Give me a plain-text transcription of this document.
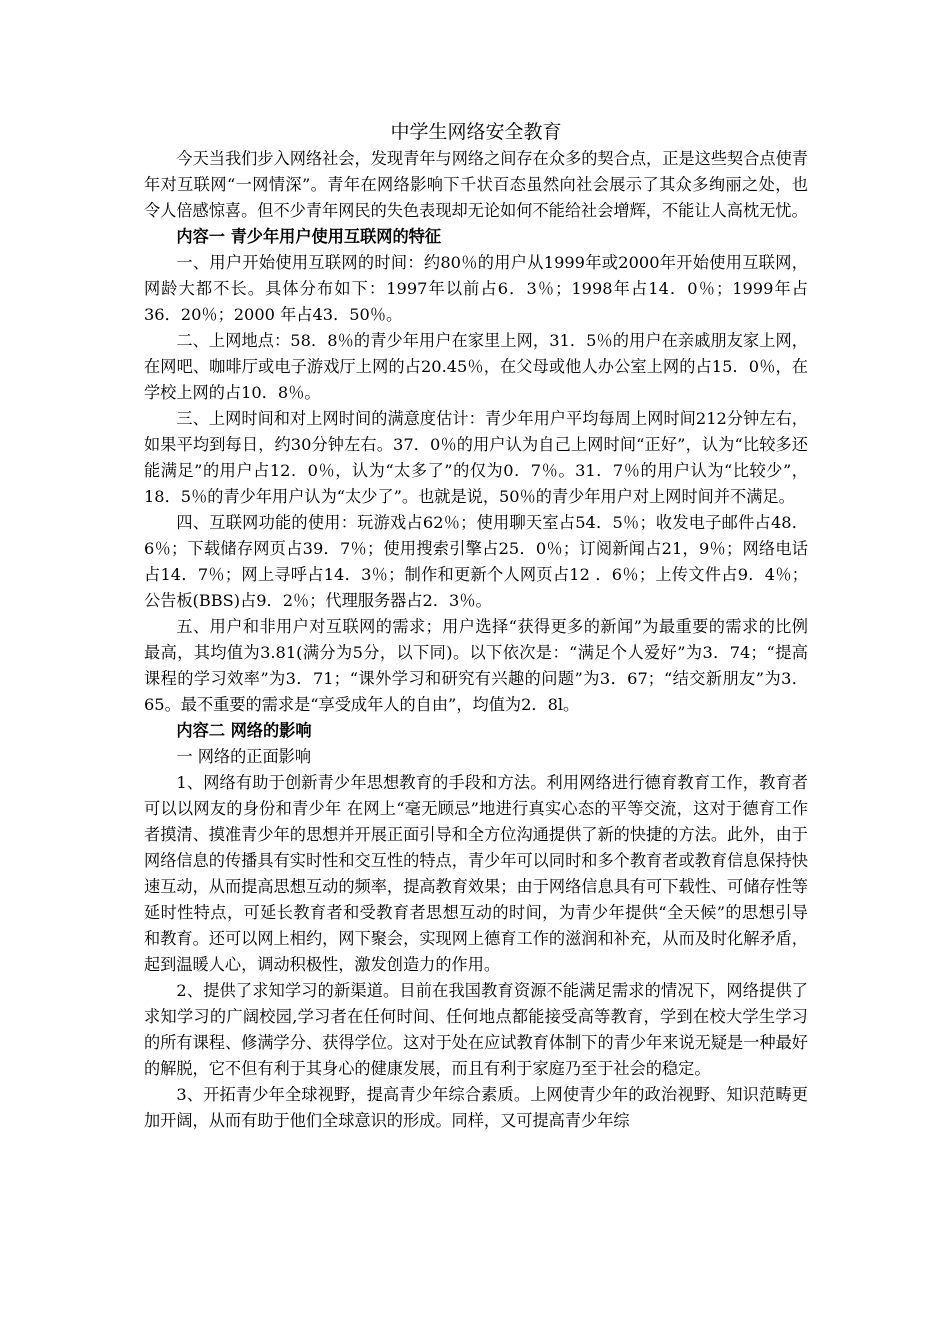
中学生网络安全教育
今天当我们步入网络社会，发现青年与网络之间存在众多的契合点，正是这些契合点使青年对互联网“一网情深”。青年在网络影响下千状百态虽然向社会展示了其众多绚丽之处，也令人倍感惊喜。但不少青年网民的失色表现却无论如何不能给社会增辉，不能让人高枕无忧。
内容一 青少年用户使用互联网的特征
一、用户开始使用互联网的时间：约80％的用户从1999年或2000年开始使用互联网，网龄大都不长。具体分布如下：1997年以前占6．3％；1998年占14．0％；1999年占36．20％；2000 年占43．50％。
二、上网地点：58．8％的青少年用户在家里上网，31．5％的用户在亲戚朋友家上网，在网吧、咖啡厅或电子游戏厅上网的占20.45％，在父母或他人办公室上网的占15．0％，在学校上网的占10．8％。
三、上网时间和对上网时间的满意度估计：青少年用户平均每周上网时间212分钟左右，如果平均到每日，约30分钟左右。37．0％的用户认为自己上网时间“正好”，认为“比较多还能满足”的用户占12．0％，认为“太多了”的仅为0．7％。31．7％的用户认为“比较少”，18．5％的青少年用户认为“太少了”。也就是说，50％的青少年用户对上网时间并不满足。
四、互联网功能的使用：玩游戏占62％；使用聊天室占54．5％；收发电子邮件占48．6％；下载储存网页占39．7％；使用搜索引擎占25．0％；订阅新闻占21，9％；网络电话占14．7％；网上寻呼占14．3％；制作和更新个人网页占12 ．6％；上传文件占9．4％；公告板(BBS)占9．2％；代理服务器占2．3％。
五、用户和非用户对互联网的需求；用户选择“获得更多的新闻”为最重要的需求的比例最高，其均值为3.81(满分为5分，以下同)。以下依次是：“满足个人爱好”为3．74；“提高课程的学习效率”为3．71；“课外学习和研究有兴趣的问题”为3．67；“结交新朋友”为3．65。最不重要的需求是“享受成年人的自由”，均值为2．8l。
内容二 网络的影响
一 网络的正面影响
1、网络有助于创新青少年思想教育的手段和方法。利用网络进行德育教育工作，教育者可以以网友的身份和青少年 在网上“毫无顾忌”地进行真实心态的平等交流，这对于德育工作者摸清、摸准青少年的思想并开展正面引导和全方位沟通提供了新的快捷的方法。此外，由于网络信息的传播具有实时性和交互性的特点，青少年可以同时和多个教育者或教育信息保持快速互动，从而提高思想互动的频率，提高教育效果；由于网络信息具有可下载性、可储存性等延时性特点，可延长教育者和受教育者思想互动的时间，为青少年提供“全天候”的思想引导和教育。还可以网上相约，网下聚会，实现网上德育工作的滋润和补充，从而及时化解矛盾，起到温暖人心，调动积极性，激发创造力的作用。
2、提供了求知学习的新渠道。目前在我国教育资源不能满足需求的情况下，网络提供了求知学习的广阔校园,学习者在任何时间、任何地点都能接受高等教育，学到在校大学生学习的所有课程、修满学分、获得学位。这对于处在应试教育体制下的青少年来说无疑是一种最好的解脱，它不但有利于其身心的健康发展，而且有利于家庭乃至于社会的稳定。
3、开拓青少年全球视野，提高青少年综合素质。上网使青少年的政治视野、知识范畴更加开阔，从而有助于他们全球意识的形成。同样，又可提高青少年综
